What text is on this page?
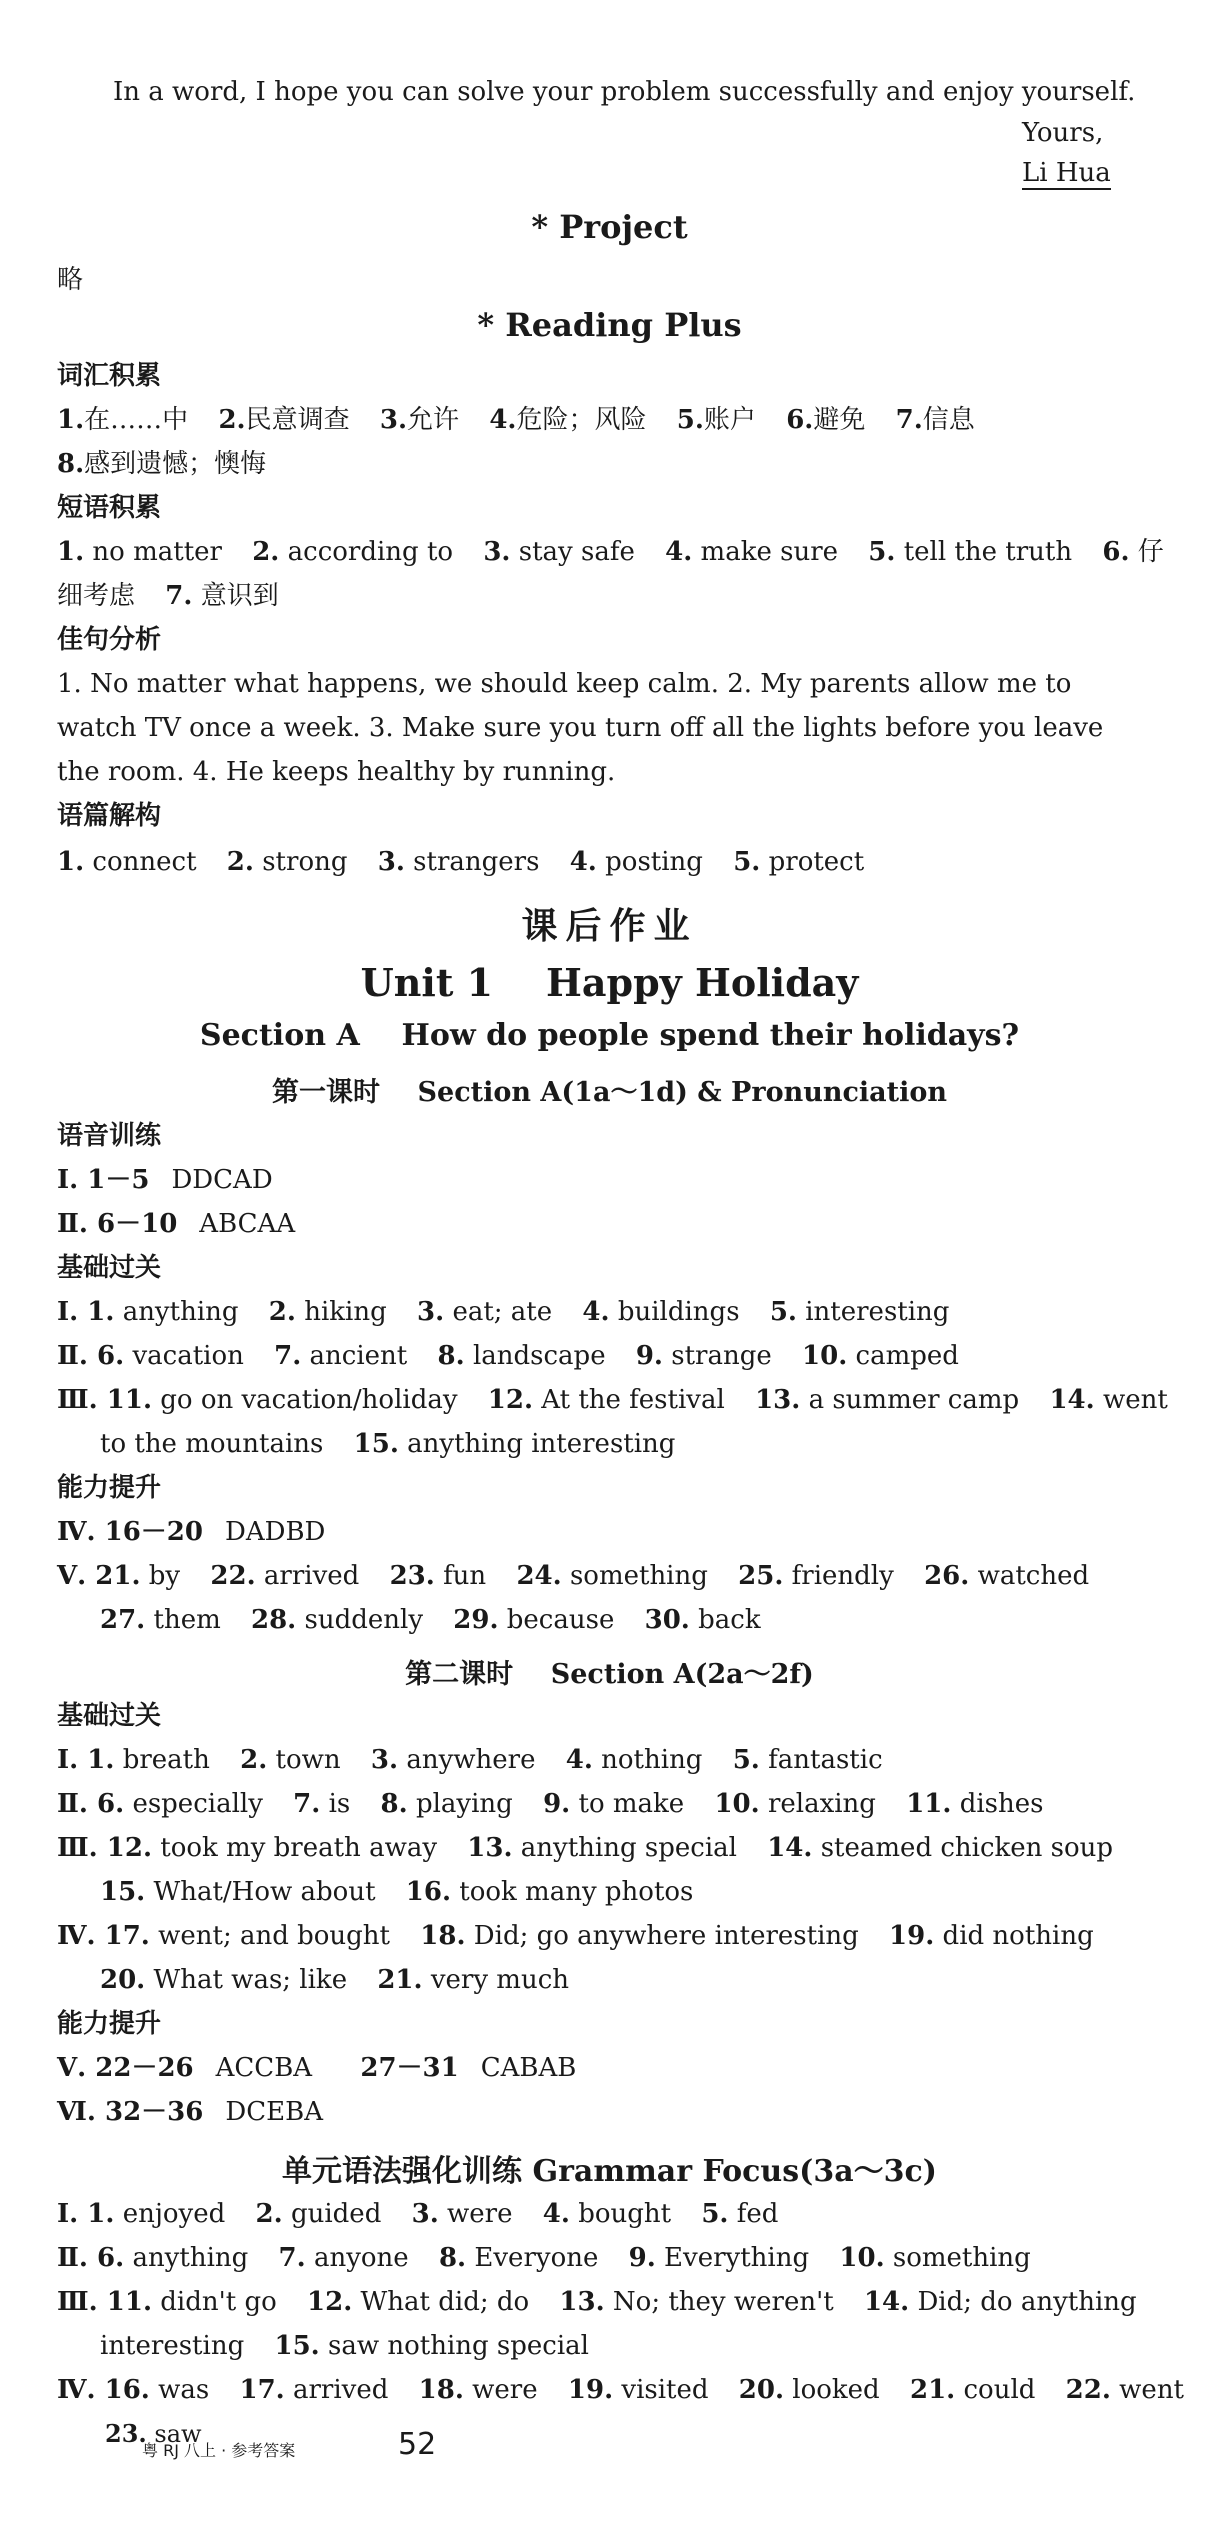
In a word, I hope you can solve your problem successfully and enjoy yourself.
Yours,
Li Hua
* Project
略
* Reading Plus
词汇积累
1.在……中 2.民意调查 3.允许 4.危险；风险 5.账户 6.避免 7.信息
8.感到遗憾；懊悔
短语积累
1. no matter 2. according to 3. stay safe 4. make sure 5. tell the truth 6. 仔
细考虑 7. 意识到
佳句分析
1. No matter what happens, we should keep calm. 2. My parents allow me to
watch TV once a week. 3. Make sure you turn off all the lights before you leave
the room. 4. He keeps healthy by running.
语篇解构
1. connect 2. strong 3. strangers 4. posting 5. protect
课后作业
Unit 1    Happy Holiday
Section A    How do people spend their holidays?
第一课时    Section A(1a～1d) & Pronunciation
语音训练
Ⅰ. 1－5 DDCAD
Ⅱ. 6－10 ABCAA
基础过关
Ⅰ. 1. anything 2. hiking 3. eat; ate 4. buildings 5. interesting
Ⅱ. 6. vacation 7. ancient 8. landscape 9. strange 10. camped
Ⅲ. 11. go on vacation/holiday 12. At the festival 13. a summer camp 14. went
to the mountains 15. anything interesting
能力提升
Ⅳ. 16－20 DADBD
Ⅴ. 21. by 22. arrived 23. fun 24. something 25. friendly 26. watched
27. them 28. suddenly 29. because 30. back
第二课时    Section A(2a～2f)
基础过关
Ⅰ. 1. breath 2. town 3. anywhere 4. nothing 5. fantastic
Ⅱ. 6. especially 7. is 8. playing 9. to make 10. relaxing 11. dishes
Ⅲ. 12. took my breath away 13. anything special 14. steamed chicken soup
15. What/How about 16. took many photos
Ⅳ. 17. went; and bought 18. Did; go anywhere interesting 19. did nothing
20. What was; like 21. very much
能力提升
Ⅴ. 22－26 ACCBA 27－31 CABAB
Ⅵ. 32－36 DCEBA
单元语法强化训练 Grammar Focus(3a～3c)
Ⅰ. 1. enjoyed 2. guided 3. were 4. bought 5. fed
Ⅱ. 6. anything 7. anyone 8. Everyone 9. Everything 10. something
Ⅲ. 11. didn't go 12. What did; do 13. No; they weren't 14. Did; do anything
interesting 15. saw nothing special
Ⅳ. 16. was 17. arrived 18. were 19. visited 20. looked 21. could 22. went
23. saw
粤 RJ 八上 · 参考答案	52
